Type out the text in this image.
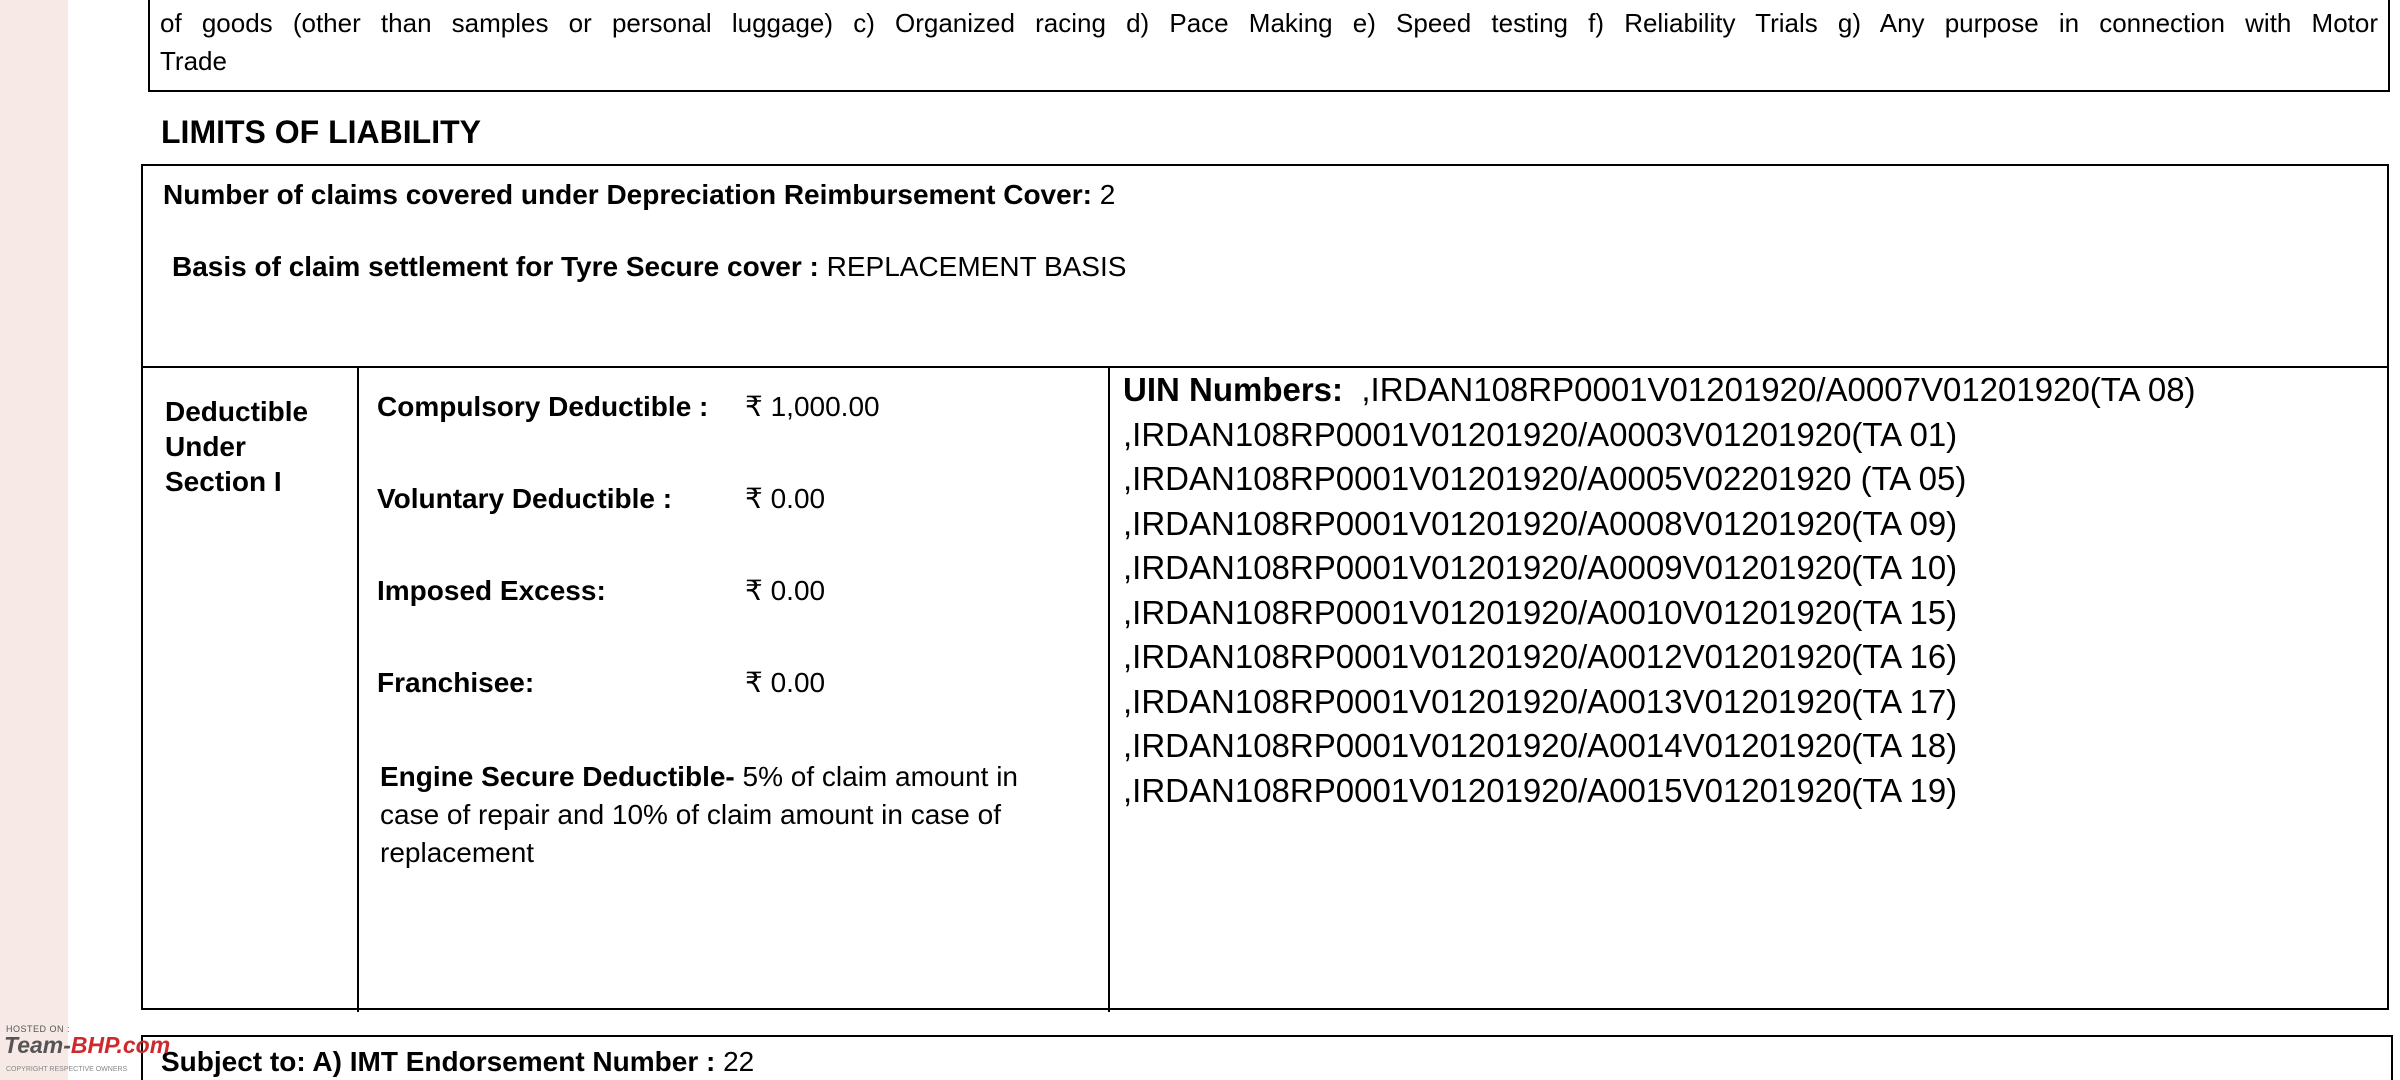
of goods (other than samples or personal luggage) c) Organized racing d) Pace Making e) Speed testing f) Reliability Trials g) Any purpose in connection with Motor
Trade
LIMITS OF LIABILITY
Number of claims covered under Depreciation Reimbursement Cover: 2
Basis of claim settlement for Tyre Secure cover : REPLACEMENT BASIS
Deductible
Under
Section I
Compulsory Deductible : ₹ 1,000.00
Voluntary Deductible :	₹ 0.00
Imposed Excess:	₹ 0.00
Franchisee:	₹ 0.00
Engine Secure Deductible- 5% of claim amount in case of repair and 10% of claim amount in case of replacement
UIN Numbers: ,IRDAN108RP0001V01201920/A0007V01201920(TA 08)
,IRDAN108RP0001V01201920/A0003V01201920(TA 01)
,IRDAN108RP0001V01201920/A0005V02201920 (TA 05)
,IRDAN108RP0001V01201920/A0008V01201920(TA 09)
,IRDAN108RP0001V01201920/A0009V01201920(TA 10)
,IRDAN108RP0001V01201920/A0010V01201920(TA 15)
,IRDAN108RP0001V01201920/A0012V01201920(TA 16)
,IRDAN108RP0001V01201920/A0013V01201920(TA 17)
,IRDAN108RP0001V01201920/A0014V01201920(TA 18)
,IRDAN108RP0001V01201920/A0015V01201920(TA 19)
Subject to: A) IMT Endorsement Number : 22
HOSTED ON :
Team-BHP.com
COPYRIGHT RESPECTIVE OWNERS
